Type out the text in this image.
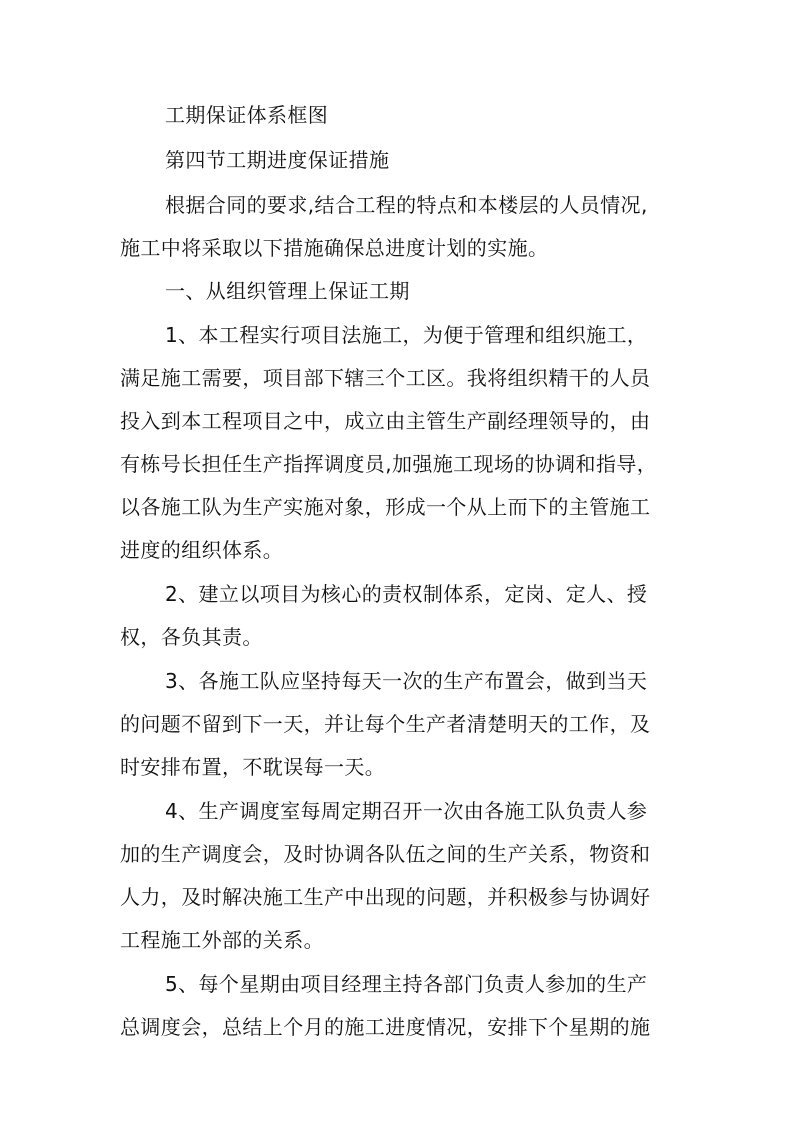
工期保证体系框图
第四节工期进度保证措施
根据合同的要求,结合工程的特点和本楼层的人员情况,
施工中将采取以下措施确保总进度计划的实施。
一、从组织管理上保证工期
1、本工程实行项目法施工，为便于管理和组织施工，
满足施工需要，项目部下辖三个工区。我将组织精干的人员
投入到本工程项目之中，成立由主管生产副经理领导的，由
有栋号长担任生产指挥调度员,加强施工现场的协调和指导，
以各施工队为生产实施对象，形成一个从上而下的主管施工
进度的组织体系。
2、建立以项目为核心的责权制体系，定岗、定人、授
权，各负其责。
3、各施工队应坚持每天一次的生产布置会，做到当天
的问题不留到下一天，并让每个生产者清楚明天的工作，及
时安排布置，不耽误每一天。
4、生产调度室每周定期召开一次由各施工队负责人参
加的生产调度会，及时协调各队伍之间的生产关系，物资和
人力，及时解决施工生产中出现的问题，并积极参与协调好
工程施工外部的关系。
5、每个星期由项目经理主持各部门负责人参加的生产
总调度会，总结上个月的施工进度情况，安排下个星期的施
